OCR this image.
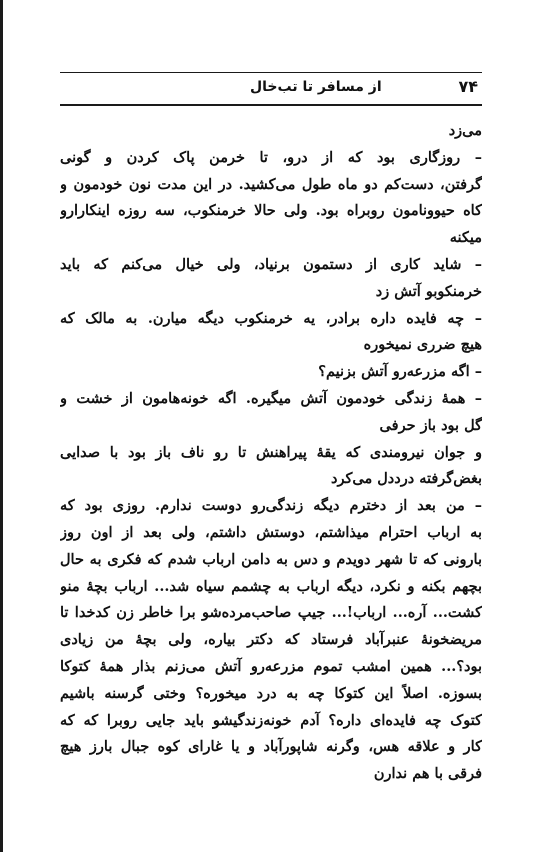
از مسافر تا تب‌خال	۷۴
می‌زد
– روزگاری بود که از درو، تا خرمن پاک کردن و گونی
گرفتن، دست‌کم دو ماه طول می‌کشید. در این مدت نون خودمون و
کاه حیوونامون روبراه بود. ولی حالا خرمنکوب، سه روزه اینکارارو
میکنه
– شاید کاری از دستمون برنیاد، ولی خیال می‌کنم که باید
خرمنکوبو آتش زد
– چه فایده داره برادر، یه خرمنکوب دیگه میارن. به مالک که
هیچ ضرری نمیخوره
– اگه مزرعه‌رو آتش بزنیم؟
– همهٔ زندگی خودمون آتش میگیره. اگه خونه‌هامون از خشت و
گل بود باز حرفی
و جوان نیرومندی که یقهٔ پیراهنش تا رو ناف باز بود با صدایی
بغض‌گرفته درددل می‌کرد
– من بعد از دخترم دیگه زندگی‌رو دوست ندارم. روزی بود که
به ارباب احترام میذاشتم، دوستش داشتم، ولی بعد از اون روز
بارونی که تا شهر دویدم و دس به دامن ارباب شدم که فکری به حال
بچهم بکنه و نکرد، دیگه ارباب به چشمم سیاه شد... ارباب بچهٔ منو
کشت... آره... ارباب!... جیپ صاحب‌مرده‌شو برا خاطر زن کدخدا تا
مریضخونهٔ عنبرآباد فرستاد که دکتر بیاره، ولی بچهٔ من زیادی
بود؟... همین امشب تموم مزرعه‌رو آتش می‌زنم بذار همهٔ کتوکا
بسوزه. اصلاً این کتوکا چه به درد میخوره؟ وختی گرسنه باشیم
کتوک چه فایده‌ای داره؟ آدم خونه‌زندگیشو باید جایی روبرا که که
کار و علاقه هس، وگرنه شاپورآباد و یا غارای کوه جبال بارز هیچ
فرقی با هم ندارن
